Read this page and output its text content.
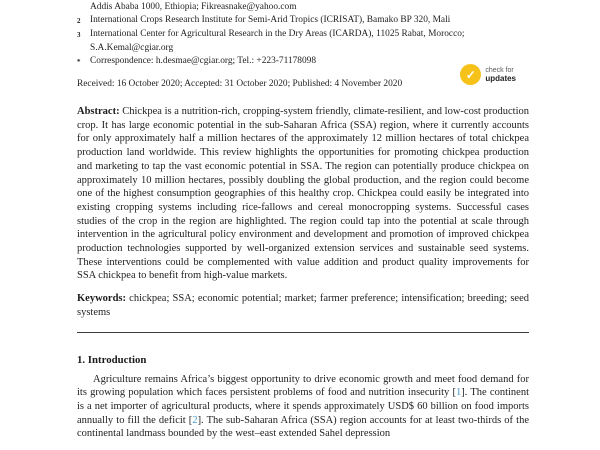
✓	check for
updates
Addis Ababa 1000, Ethiopia; Fikreasnake@yahoo.com
2	International Crops Research Institute for Semi-Arid Tropics (ICRISAT), Bamako BP 320, Mali
3	International Center for Agricultural Research in the Dry Areas (ICARDA), 11025 Rabat, Morocco;
S.A.Kemal@cgiar.org
*	Correspondence: h.desmae@cgiar.org; Tel.: +223-71178098
Received: 16 October 2020; Accepted: 31 October 2020; Published: 4 November 2020

Abstract: Chickpea is a nutrition-rich, cropping-system friendly, climate-resilient, and low-cost production crop. It has large economic potential in the sub-Saharan Africa (SSA) region, where it currently accounts for only approximately half a million hectares of the approximately 12 million hectares of total chickpea production land worldwide. This review highlights the opportunities for promoting chickpea production and marketing to tap the vast economic potential in SSA. The region can potentially produce chickpea on approximately 10 million hectares, possibly doubling the global production, and the region could become one of the highest consumption geographies of this healthy crop. Chickpea could easily be integrated into existing cropping systems including rice-fallows and cereal monocropping systems. Successful cases studies of the crop in the region are highlighted. The region could tap into the potential at scale through intervention in the agricultural policy environment and development and promotion of improved chickpea production technologies supported by well-organized extension services and sustainable seed systems. These interventions could be complemented with value addition and product quality improvements for SSA chickpea to benefit from high-value markets.

Keywords: chickpea; SSA; economic potential; market; farmer preference; intensification; breeding; seed systems

1. Introduction

Agriculture remains Africa’s biggest opportunity to drive economic growth and meet food demand for its growing population which faces persistent problems of food and nutrition insecurity [1]. The continent is a net importer of agricultural products, where it spends approximately USD$ 60 billion on food imports annually to fill the deficit [2]. The sub-Saharan Africa (SSA) region accounts for at least two-thirds of the continental landmass bounded by the west–east extended Sahel depression
